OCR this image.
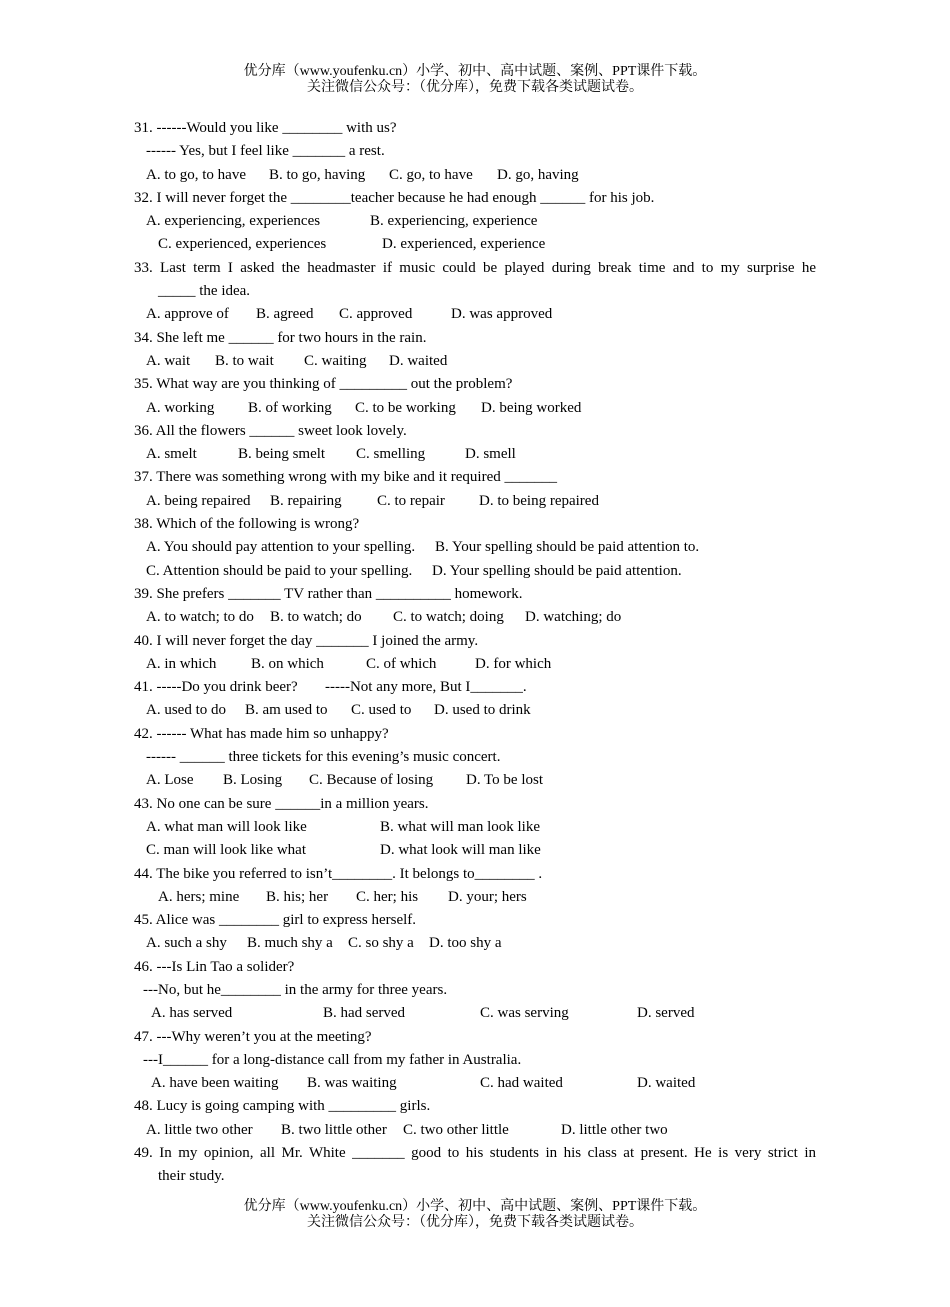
优分库（www.youfenku.cn）小学、初中、高中试题、案例、PPT课件下载。
关注微信公众号：（优分库），免费下载各类试题试卷。
31. ------Would you like ________ with us?
------ Yes, but I feel like _______ a rest.
A. to go, to have B. to go, having C. go, to have D. go, having
32. I will never forget the ________teacher because he had enough ______ for his job.
A. experiencing, experiences	B. experiencing, experience
C. experienced, experiences	D. experienced, experience
33. Last term I asked the headmaster if music could be played during break time and to my surprise he
_____ the idea.
A. approve of B. agreed C. approved	D. was approved
34. She left me ______ for two hours in the rain.
A. wait B. to wait C. waiting D. waited
35. What way are you thinking of _________ out the problem?
A. working B. of working C. to be working D. being worked
36. All the flowers ______ sweet look lovely.
A. smelt	B. being smelt C. smelling	D. smell
37. There was something wrong with my bike and it required _______
A. being repaired B. repairing C. to repair D. to being repaired
38. Which of the following is wrong?
A. You should pay attention to your spelling. B. Your spelling should be paid attention to.
C. Attention should be paid to your spelling. D. Your spelling should be paid attention.
39. She prefers _______ TV rather than __________ homework.
A. to watch; to do B. to watch; do C. to watch; doing D. watching; do
40. I will never forget the day _______ I joined the army.
A. in which B. on which	C. of which	D. for which
41. -----Do you drink beer? -----Not any more, But I_______.
A. used to do B. am used to C. used to D. used to drink
42. ------ What has made him so unhappy?
------ ______ three tickets for this evening’s music concert.
A. Lose B. Losing C. Because of losing D. To be lost
43. No one can be sure ______in a million years.
A. what man will look like	B. what will man look like
C. man will look like what	D. what look will man like
44. The bike you referred to isn’t________. It belongs to________ .
A. hers; mine B. his; her C. her; his D. your; hers
45. Alice was ________ girl to express herself.
A. such a shy B. much shy a C. so shy a D. too shy a
46. ---Is Lin Tao a solider?
---No, but he________ in the army for three years.
A. has served	B. had served	C. was serving	D. served
47. ---Why weren’t you at the meeting?
---I______ for a long-distance call from my father in Australia.
A. have been waiting B. was waiting	C. had waited	D. waited
48. Lucy is going camping with _________ girls.
A. little two other B. two little other C. two other little	D. little other two
49. In my opinion, all Mr. White _______ good to his students in his class at present. He is very strict in
their study.
优分库（www.youfenku.cn）小学、初中、高中试题、案例、PPT课件下载。
关注微信公众号：（优分库），免费下载各类试题试卷。
